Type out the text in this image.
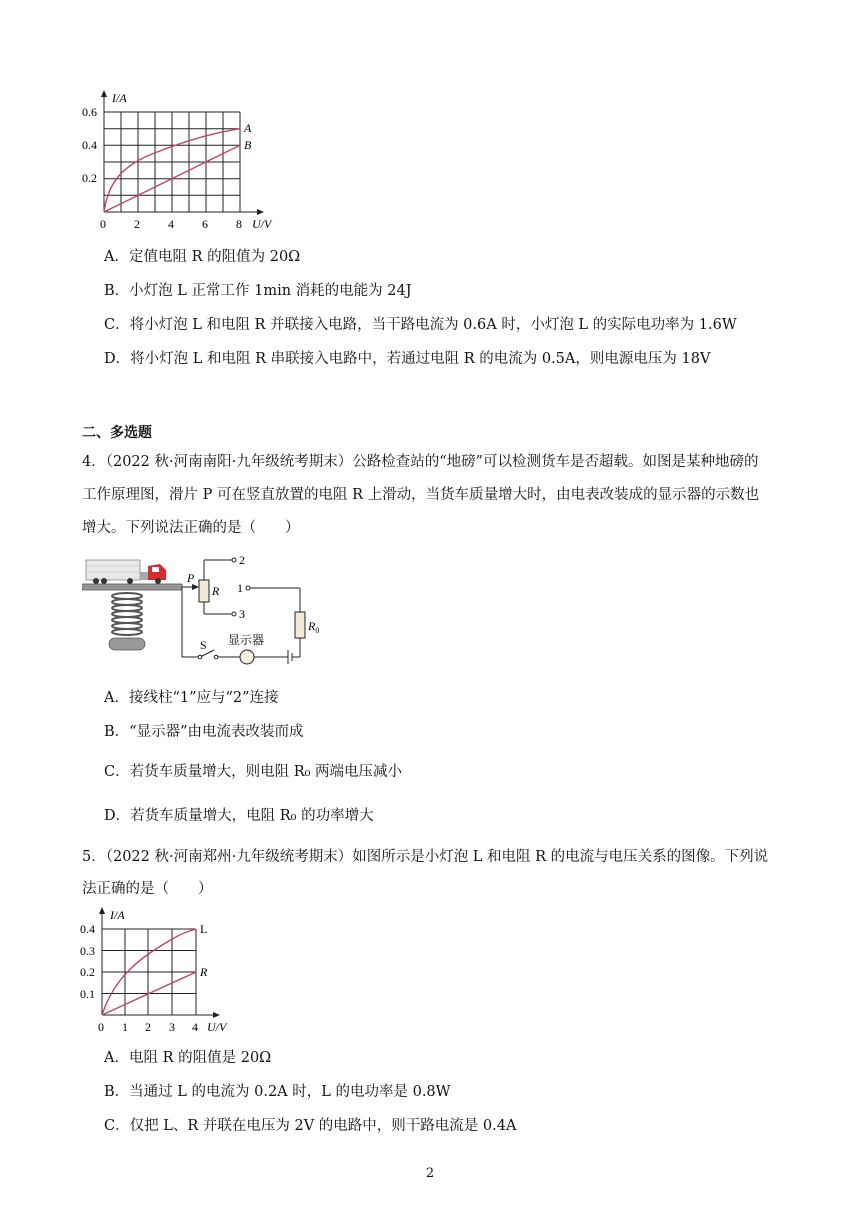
I/A
U/V
0.6
0.4
0.2
0 2 4 6 8
A
B
A．定值电阻 R 的阻值为 20Ω
B．小灯泡 L 正常工作 1min 消耗的电能为 24J
C．将小灯泡 L 和电阻 R 并联接入电路，当干路电流为 0.6A 时，小灯泡 L 的实际电功率为 1.6W
D．将小灯泡 L 和电阻 R 串联接入电路中，若通过电阻 R 的电流为 0.5A，则电源电压为 18V
二、多选题
4．（2022 秋·河南南阳·九年级统考期末）公路检查站的“地磅”可以检测货车是否超载。如图是某种地磅的
工作原理图，滑片 P 可在竖直放置的电阻 R 上滑动，当货车质量增大时，由电表改装成的显示器的示数也
增大。下列说法正确的是（　　）
P
R
2
1
3
$R_0$
S 显示器
A．接线柱“1”应与“2”连接
B．“显示器”由电流表改装而成
C．若货车质量增大，则电阻 R₀ 两端电压减小
D．若货车质量增大，电阻 R₀ 的功率增大
5．（2022 秋·河南郑州·九年级统考期末）如图所示是小灯泡 L 和电阻 R 的电流与电压关系的图像。下列说
法正确的是（　　）
I/A
U/V
0.4
0.3
0.2
0.1
0 1 2 3 4
L
R
A．电阻 R 的阻值是 20Ω
B．当通过 L 的电流为 0.2A 时，L 的电功率是 0.8W
C．仅把 L、R 并联在电压为 2V 的电路中，则干路电流是 0.4A
2
